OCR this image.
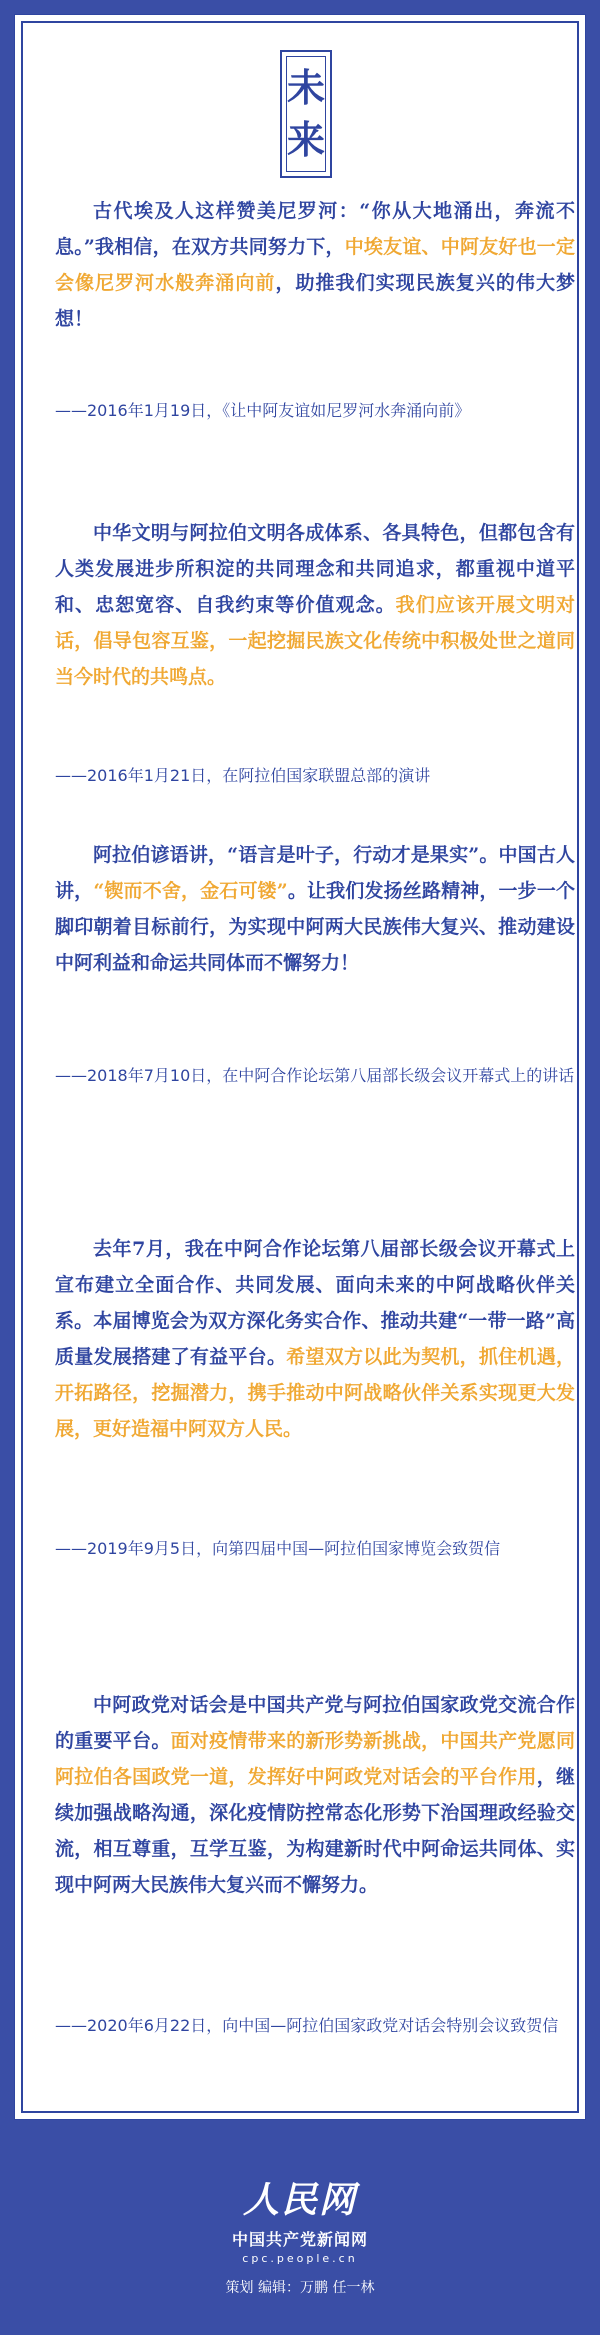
未
来

古代埃及人这样赞美尼罗河：“你从大地涌出，奔流不息。”我相信，在双方共同努力下，中埃友谊、中阿友好也一定会像尼罗河水般奔涌向前，助推我们实现民族复兴的伟大梦想！

——2016年1月19日，《让中阿友谊如尼罗河水奔涌向前》

中华文明与阿拉伯文明各成体系、各具特色，但都包含有人类发展进步所积淀的共同理念和共同追求，都重视中道平和、忠恕宽容、自我约束等价值观念。我们应该开展文明对话，倡导包容互鉴，一起挖掘民族文化传统中积极处世之道同当今时代的共鸣点。

——2016年1月21日，在阿拉伯国家联盟总部的演讲

阿拉伯谚语讲，“语言是叶子，行动才是果实”。中国古人讲，“锲而不舍，金石可镂”。让我们发扬丝路精神，一步一个脚印朝着目标前行，为实现中阿两大民族伟大复兴、推动建设中阿利益和命运共同体而不懈努力！

——2018年7月10日，在中阿合作论坛第八届部长级会议开幕式上的讲话

去年7月，我在中阿合作论坛第八届部长级会议开幕式上宣布建立全面合作、共同发展、面向未来的中阿战略伙伴关系。本届博览会为双方深化务实合作、推动共建“一带一路”高质量发展搭建了有益平台。希望双方以此为契机，抓住机遇，开拓路径，挖掘潜力，携手推动中阿战略伙伴关系实现更大发展，更好造福中阿双方人民。

——2019年9月5日，向第四届中国—阿拉伯国家博览会致贺信

中阿政党对话会是中国共产党与阿拉伯国家政党交流合作的重要平台。面对疫情带来的新形势新挑战，中国共产党愿同阿拉伯各国政党一道，发挥好中阿政党对话会的平台作用，继续加强战略沟通，深化疫情防控常态化形势下治国理政经验交流，相互尊重，互学互鉴，为构建新时代中阿命运共同体、实现中阿两大民族伟大复兴而不懈努力。

——2020年6月22日，向中国—阿拉伯国家政党对话会特别会议致贺信

人民网
中国共产党新闻网
cpc.people.cn
策划 编辑：万鹏 任一林
